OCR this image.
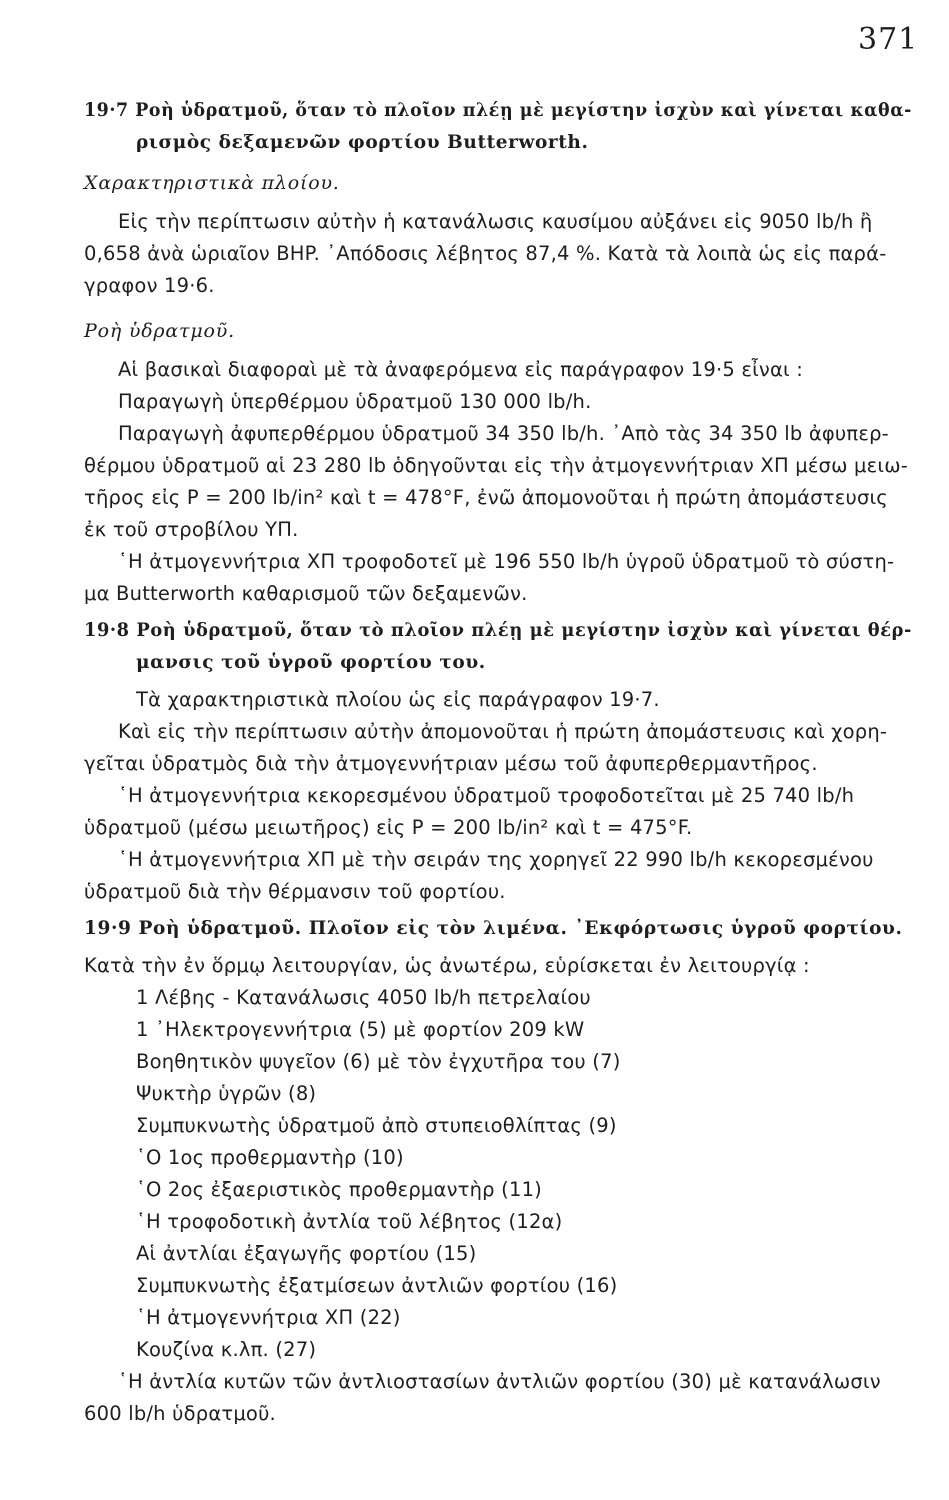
371
19·7 Ροὴ ὑδρατμοῦ, ὅταν τὸ πλοῖον πλέῃ μὲ μεγίστην ἰσχὺν καὶ γίνεται καθα-
ρισμὸς δεξαμενῶν φορτίου Butterworth.
Χαρακτηριστικὰ πλοίου.
Εἰς τὴν περίπτωσιν αὐτὴν ἡ κατανάλωσις καυσίμου αὐξάνει εἰς 9050 lb/h ἢ
0,658 ἀνὰ ὡριαῖον BHP. ᾿Απόδοσις λέβητος 87,4 %. Κατὰ τὰ λοιπὰ ὡς εἰς παρά-
γραφον 19·6.
Ροὴ ὑδρατμοῦ.
Αἱ βασικαὶ διαφοραὶ μὲ τὰ ἀναφερόμενα εἰς παράγραφον 19·5 εἶναι :
Παραγωγὴ ὑπερθέρμου ὑδρατμοῦ 130 000 lb/h.
Παραγωγὴ ἀφυπερθέρμου ὑδρατμοῦ 34 350 lb/h. ᾿Απὸ τὰς 34 350 lb ἀφυπερ-
θέρμου ὑδρατμοῦ αἱ 23 280 lb ὁδηγοῦνται εἰς τὴν ἀτμογεννήτριαν ΧΠ μέσω μειω-
τῆρος εἰς P = 200 lb/in² καὶ t = 478°F, ἐνῶ ἀπομονοῦται ἡ πρώτη ἀπομάστευσις
ἐκ τοῦ στροβίλου ΥΠ.
῾Η ἀτμογεννήτρια ΧΠ τροφοδοτεῖ μὲ 196 550 lb/h ὑγροῦ ὑδρατμοῦ τὸ σύστη-
μα Butterworth καθαρισμοῦ τῶν δεξαμενῶν.
19·8 Ροὴ ὑδρατμοῦ, ὅταν τὸ πλοῖον πλέῃ μὲ μεγίστην ἰσχὺν καὶ γίνεται θέρ-
μανσις τοῦ ὑγροῦ φορτίου του.
Τὰ χαρακτηριστικὰ πλοίου ὡς εἰς παράγραφον 19·7.
Καὶ εἰς τὴν περίπτωσιν αὐτὴν ἀπομονοῦται ἡ πρώτη ἀπομάστευσις καὶ χορη-
γεῖται ὑδρατμὸς διὰ τὴν ἀτμογεννήτριαν μέσω τοῦ ἀφυπερθερμαντῆρος.
῾Η ἀτμογεννήτρια κεκορεσμένου ὑδρατμοῦ τροφοδοτεῖται μὲ 25 740 lb/h
ὑδρατμοῦ (μέσω μειωτῆρος) εἰς P = 200 lb/in² καὶ t = 475°F.
῾Η ἀτμογεννήτρια ΧΠ μὲ τὴν σειράν της χορηγεῖ 22 990 lb/h κεκορεσμένου
ὑδρατμοῦ διὰ τὴν θέρμανσιν τοῦ φορτίου.
19·9 Ροὴ ὑδρατμοῦ. Πλοῖον εἰς τὸν λιμένα. ᾿Εκφόρτωσις ὑγροῦ φορτίου.
Κατὰ τὴν ἐν ὅρμῳ λειτουργίαν, ὡς ἀνωτέρω, εὑρίσκεται ἐν λειτουργίᾳ :
1 Λέβης - Κατανάλωσις 4050 lb/h πετρελαίου
1 ᾿Ηλεκτρογεννήτρια (5) μὲ φορτίον 209 kW
Βοηθητικὸν ψυγεῖον (6) μὲ τὸν ἐγχυτῆρα του (7)
Ψυκτὴρ ὑγρῶν (8)
Συμπυκνωτὴς ὑδρατμοῦ ἀπὸ στυπειοθλίπτας (9)
῾Ο 1ος προθερμαντὴρ (10)
῾Ο 2ος ἐξαεριστικὸς προθερμαντὴρ (11)
῾Η τροφοδοτικὴ ἀντλία τοῦ λέβητος (12α)
Αἱ ἀντλίαι ἐξαγωγῆς φορτίου (15)
Συμπυκνωτὴς ἐξατμίσεων ἀντλιῶν φορτίου (16)
῾Η ἀτμογεννήτρια ΧΠ (22)
Κουζίνα κ.λπ. (27)
῾Η ἀντλία κυτῶν τῶν ἀντλιοστασίων ἀντλιῶν φορτίου (30) μὲ κατανάλωσιν
600 lb/h ὑδρατμοῦ.
